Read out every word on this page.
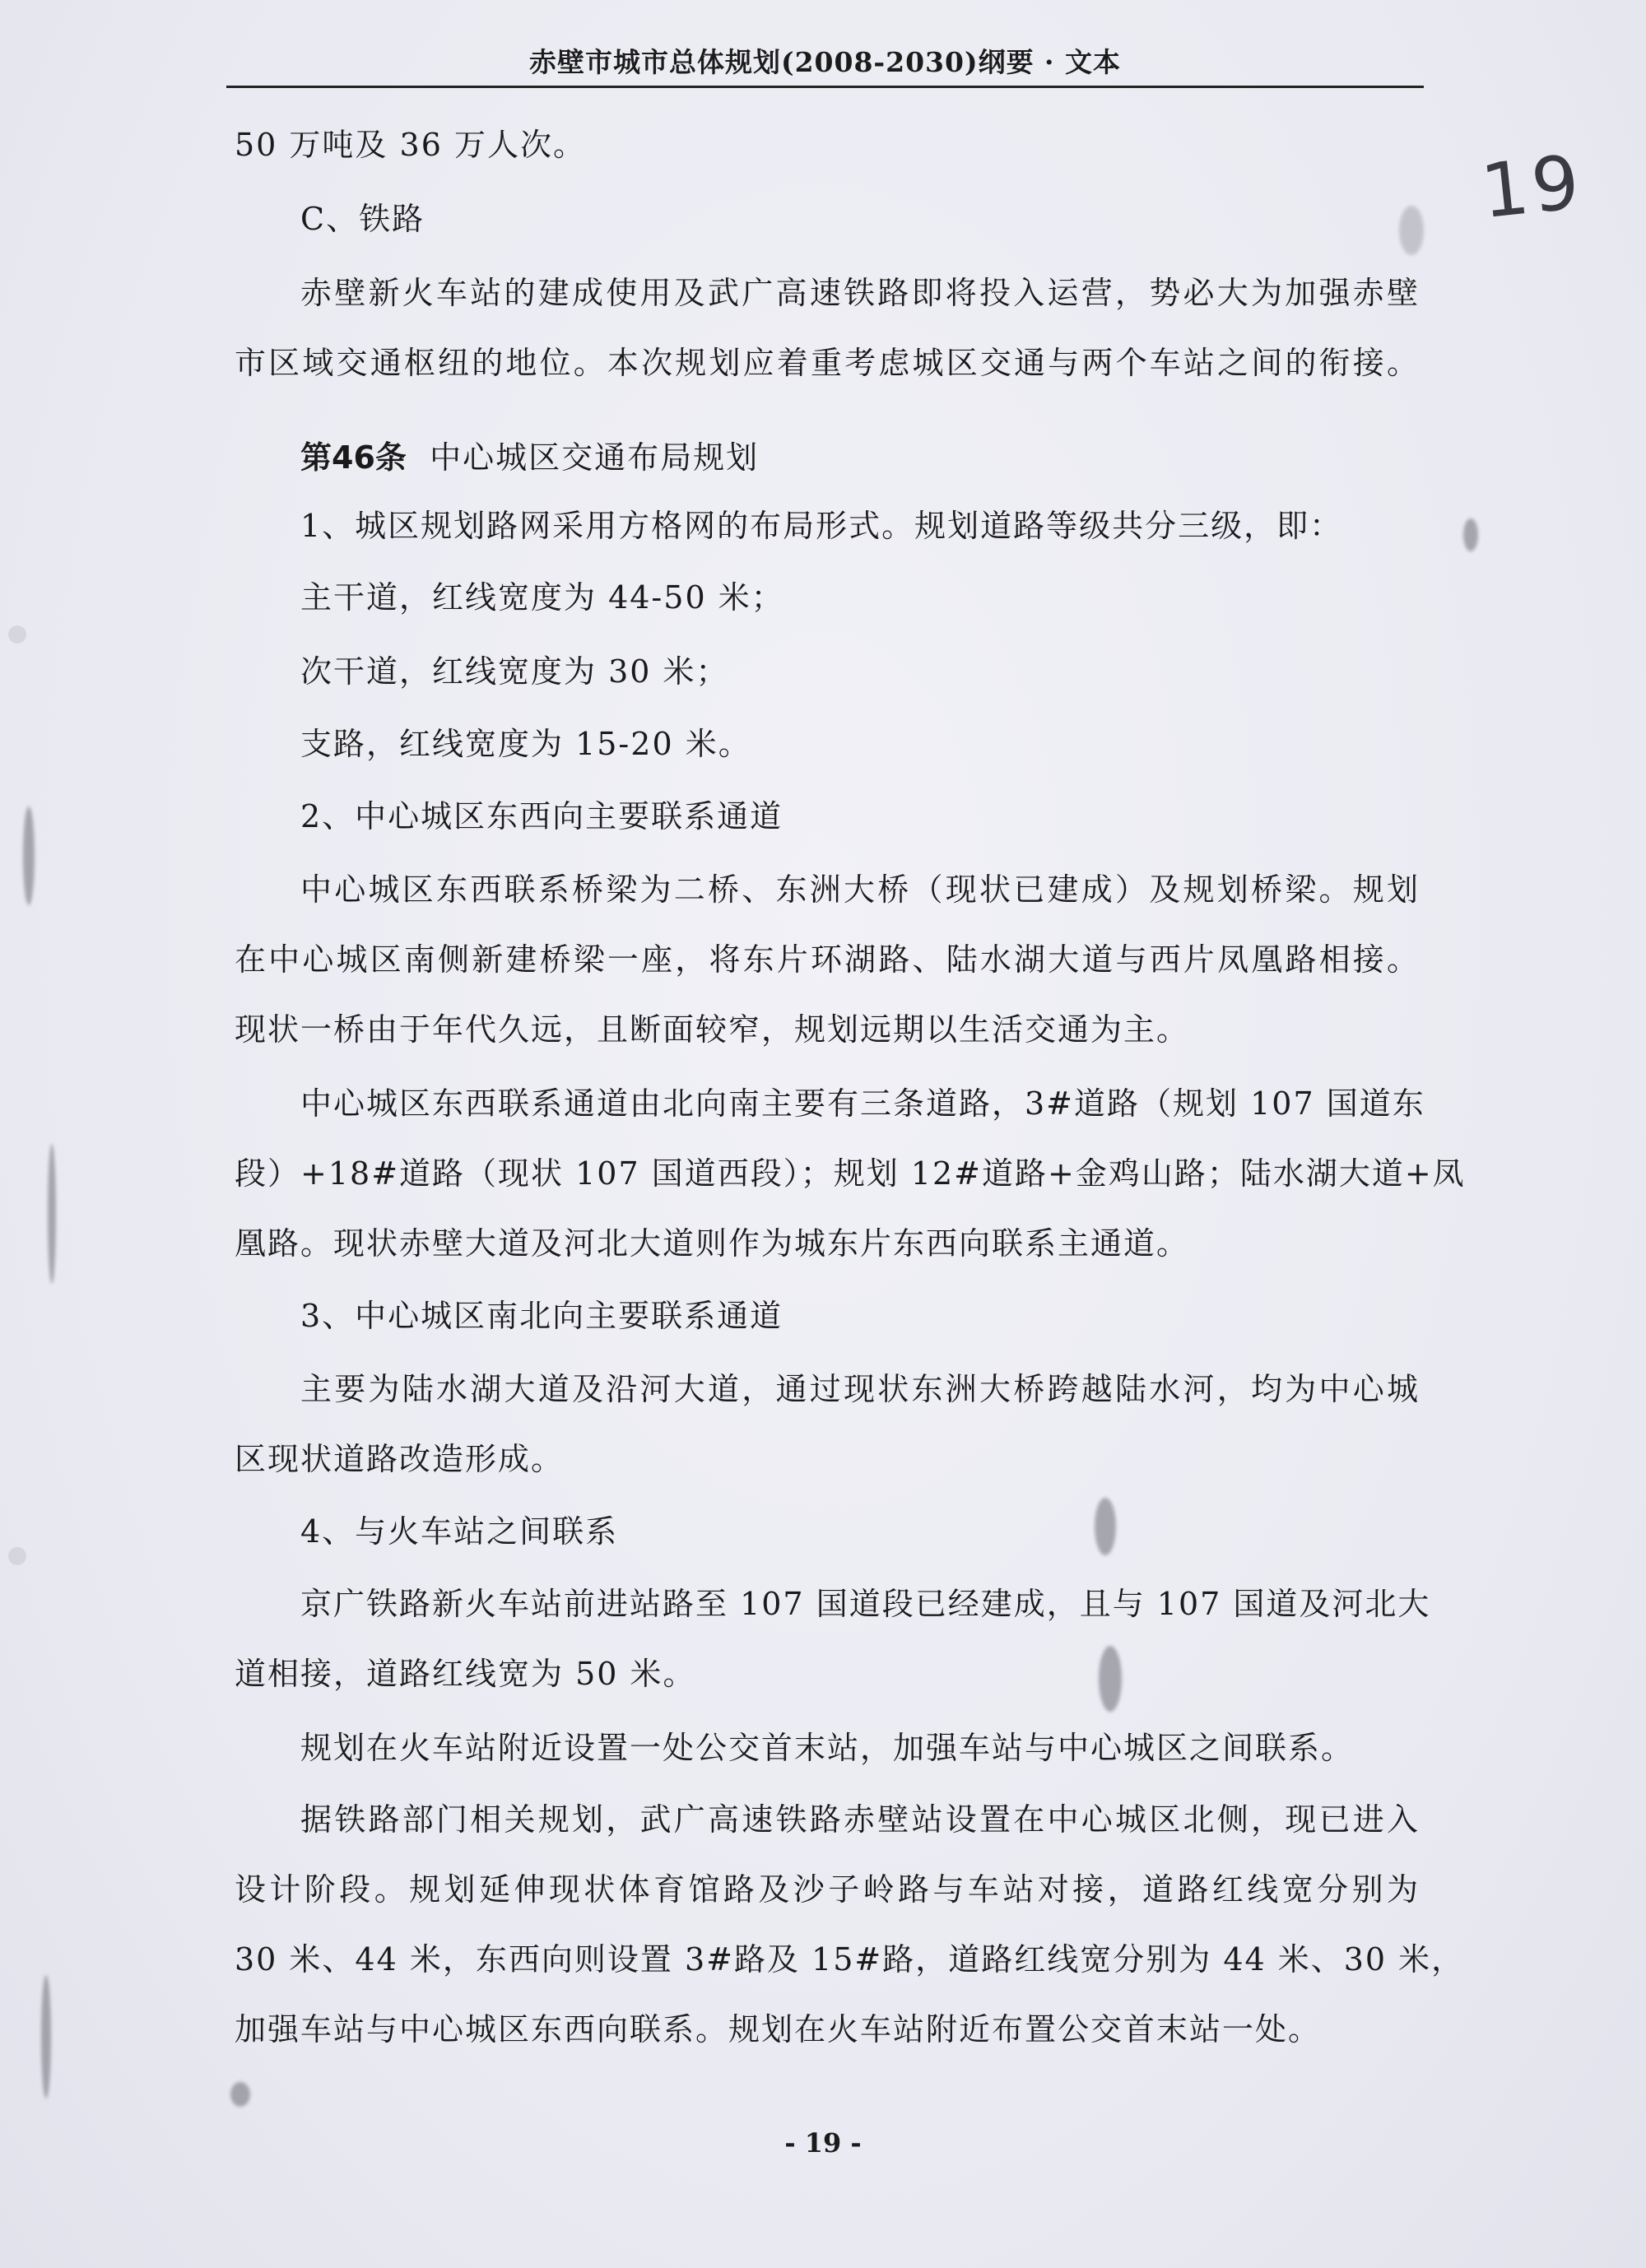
赤壁市城市总体规划(2008-2030)纲要 · 文本
19
50 万吨及 36 万人次。
C、铁路
赤壁新火车站的建成使用及武广高速铁路即将投入运营，势必大为加强赤壁
市区域交通枢纽的地位。本次规划应着重考虑城区交通与两个车站之间的衔接。
第46条 中心城区交通布局规划
1、城区规划路网采用方格网的布局形式。规划道路等级共分三级，即：
主干道，红线宽度为 44-50 米；
次干道，红线宽度为 30 米；
支路，红线宽度为 15-20 米。
2、中心城区东西向主要联系通道
中心城区东西联系桥梁为二桥、东洲大桥（现状已建成）及规划桥梁。规划
在中心城区南侧新建桥梁一座，将东片环湖路、陆水湖大道与西片凤凰路相接。
现状一桥由于年代久远，且断面较窄，规划远期以生活交通为主。
中心城区东西联系通道由北向南主要有三条道路，3#道路（规划 107 国道东
段）+18#道路（现状 107 国道西段）；规划 12#道路+金鸡山路；陆水湖大道+凤
凰路。现状赤壁大道及河北大道则作为城东片东西向联系主通道。
3、中心城区南北向主要联系通道
主要为陆水湖大道及沿河大道，通过现状东洲大桥跨越陆水河，均为中心城
区现状道路改造形成。
4、与火车站之间联系
京广铁路新火车站前进站路至 107 国道段已经建成，且与 107 国道及河北大
道相接，道路红线宽为 50 米。
规划在火车站附近设置一处公交首末站，加强车站与中心城区之间联系。
据铁路部门相关规划，武广高速铁路赤壁站设置在中心城区北侧，现已进入
设计阶段。规划延伸现状体育馆路及沙子岭路与车站对接，道路红线宽分别为
30 米、44 米，东西向则设置 3#路及 15#路，道路红线宽分别为 44 米、30 米，
加强车站与中心城区东西向联系。规划在火车站附近布置公交首末站一处。
- 19 -
